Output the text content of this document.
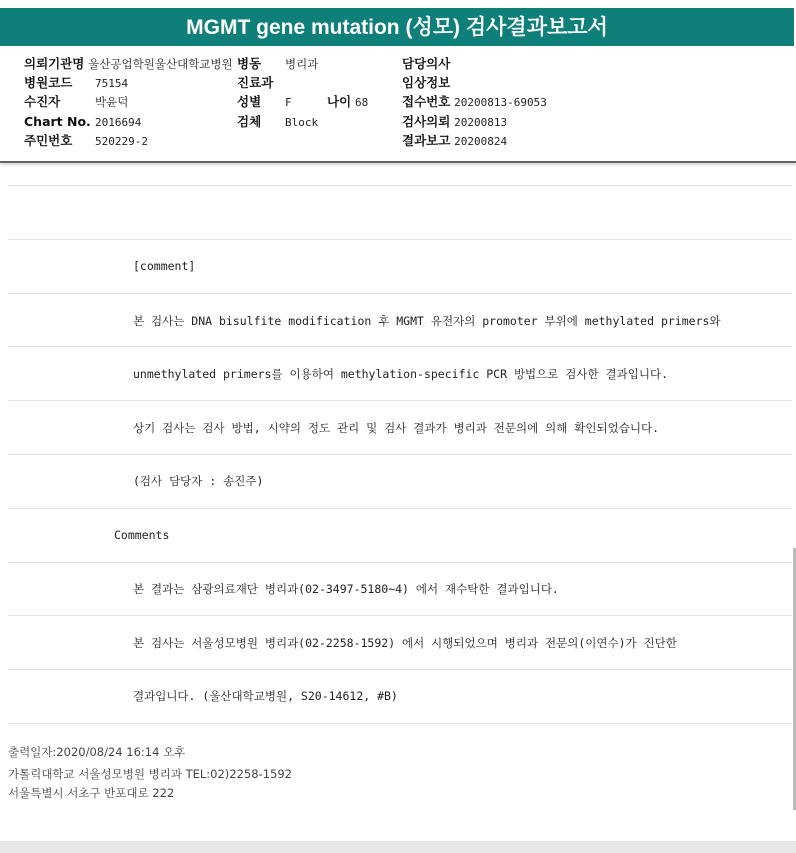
MGMT gene mutation (성모) 검사결과보고서
의뢰기관명 울산공업학원울산대학교병원 병동 병리과	담당의사
병원코드 75154	진료과	임상정보
수진자	박윤덕	성별 F	나이 68	접수번호 20200813-69053
Chart No. 2016694	검체 Block	검사의뢰 20200813
주민번호 520229-2	결과보고 20200824
[comment]
본 검사는 DNA bisulfite modification 후 MGMT 유전자의 promoter 부위에 methylated primers와
unmethylated primers를 이용하여 methylation-specific PCR 방법으로 검사한 결과입니다.
상기 검사는 검사 방법, 시약의 정도 관리 및 검사 결과가 병리과 전문의에 의해 확인되었습니다.
(검사 담당자 : 송진주)
Comments
본 결과는 삼광의료재단 병리과(02-3497-5180~4) 에서 재수탁한 결과입니다.
본 검사는 서울성모병원 병리과(02-2258-1592) 에서 시행되었으며 병리과 전문의(이연수)가 진단한
결과입니다. (울산대학교병원, S20-14612, #B)
출력일자:2020/08/24 16:14 오후
가톨릭대학교 서울성모병원 병리과 TEL:02)2258-1592
서울특별시 서초구 반포대로 222
